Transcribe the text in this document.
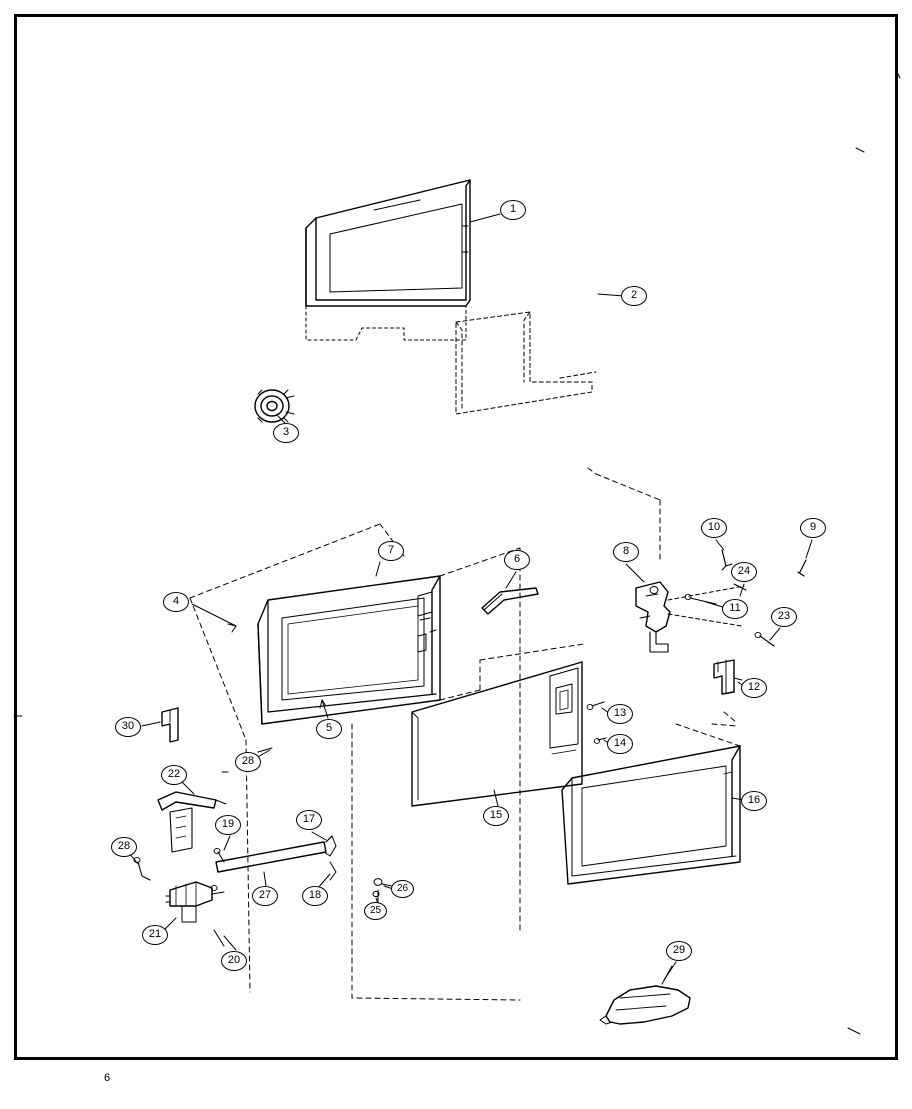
1
2
3
4
5
6
7	8
9
10
11
12
13
14
15
16
17
18
19
20
21
22
23
24
25
26
27
28
29
30
28
6
